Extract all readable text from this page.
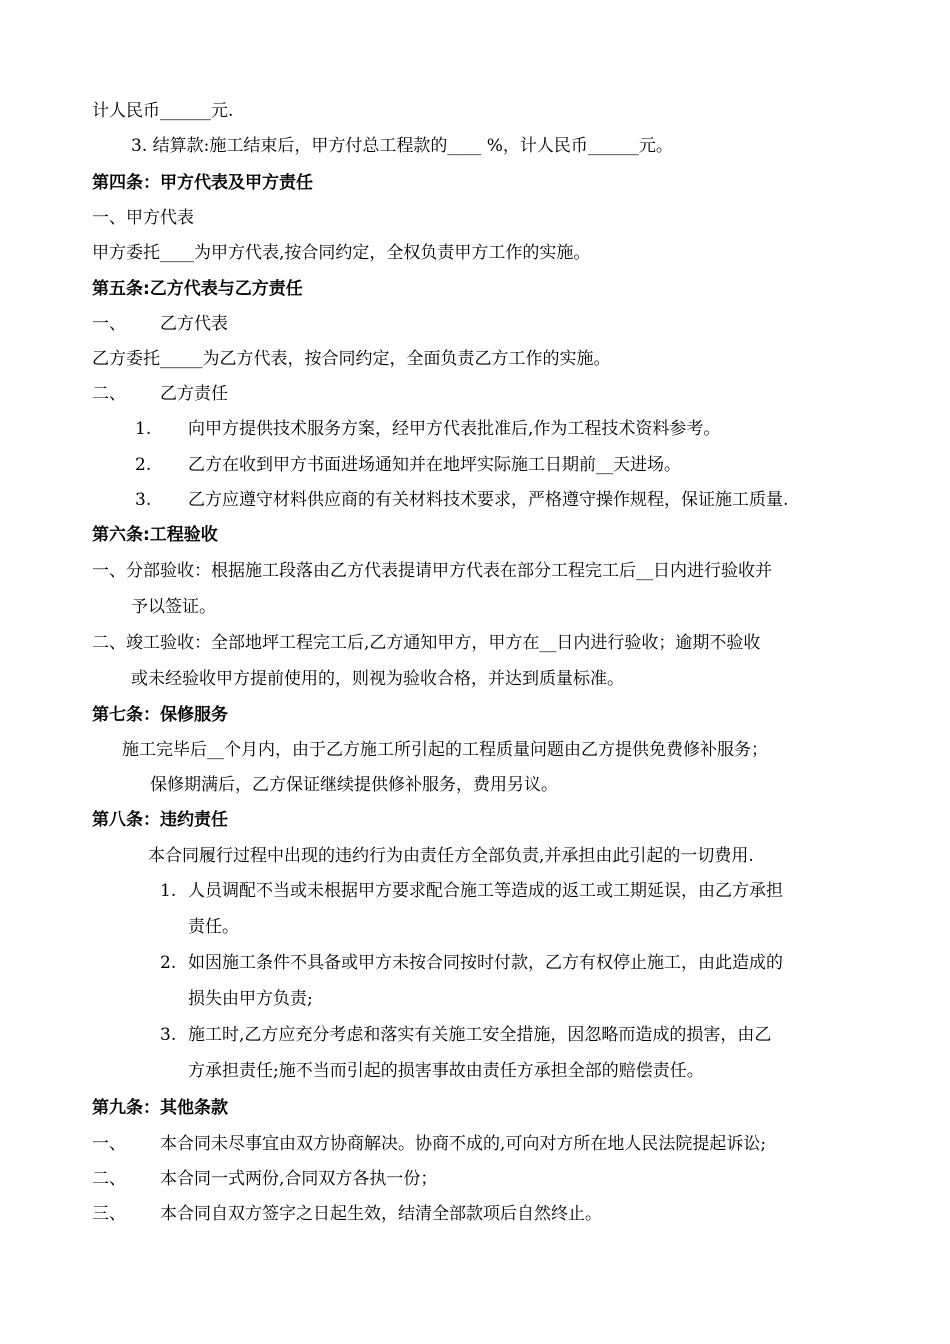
计人民币______元.
3. 结算款:施工结束后，甲方付总工程款的____ %，计人民币______元。
第四条：甲方代表及甲方责任
一、甲方代表
甲方委托____为甲方代表,按合同约定，全权负责甲方工作的实施。
第五条:乙方代表与乙方责任
一、 乙方代表
乙方委托_____为乙方代表，按合同约定，全面负责乙方工作的实施。
二、 乙方责任
1. 向甲方提供技术服务方案，经甲方代表批准后,作为工程技术资料参考。
2. 乙方在收到甲方书面进场通知并在地坪实际施工日期前__天进场。
3. 乙方应遵守材料供应商的有关材料技术要求，严格遵守操作规程，保证施工质量.
第六条:工程验收
一、分部验收：根据施工段落由乙方代表提请甲方代表在部分工程完工后__日内进行验收并
予以签证。
二、竣工验收：全部地坪工程完工后,乙方通知甲方，甲方在__日内进行验收；逾期不验收
或未经验收甲方提前使用的，则视为验收合格，并达到质量标准。
第七条：保修服务
施工完毕后__个月内，由于乙方施工所引起的工程质量问题由乙方提供免费修补服务；
保修期满后，乙方保证继续提供修补服务，费用另议。
第八条：违约责任
本合同履行过程中出现的违约行为由责任方全部负责,并承担由此引起的一切费用.
1. 人员调配不当或未根据甲方要求配合施工等造成的返工或工期延误，由乙方承担
责任。
2. 如因施工条件不具备或甲方未按合同按时付款，乙方有权停止施工，由此造成的
损失由甲方负责;
3. 施工时,乙方应充分考虑和落实有关施工安全措施，因忽略而造成的损害，由乙
方承担责任;施不当而引起的损害事故由责任方承担全部的赔偿责任。
第九条：其他条款
一、 本合同未尽事宜由双方协商解决。协商不成的,可向对方所在地人民法院提起诉讼;
二、 本合同一式两份,合同双方各执一份；
三、 本合同自双方签字之日起生效，结清全部款项后自然终止。
